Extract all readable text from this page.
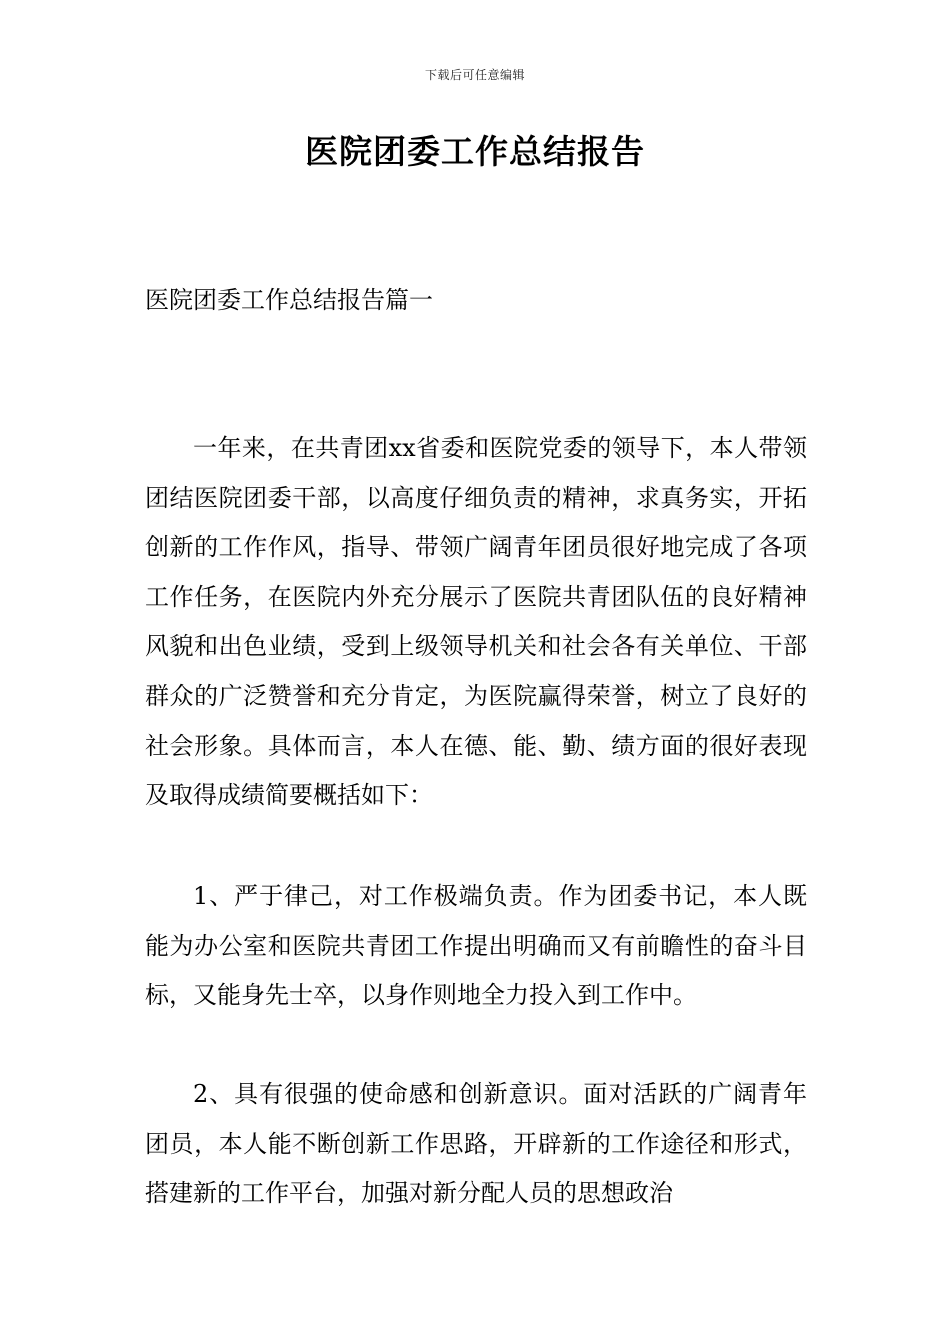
下载后可任意编辑
医院团委工作总结报告
医院团委工作总结报告篇一

一年来，在共青团xx省委和医院党委的领导下，本人带领团结医院团委干部，以高度仔细负责的精神，求真务实，开拓创新的工作作风，指导、带领广阔青年团员很好地完成了各项工作任务，在医院内外充分展示了医院共青团队伍的良好精神风貌和出色业绩，受到上级领导机关和社会各有关单位、干部群众的广泛赞誉和充分肯定，为医院赢得荣誉，树立了良好的社会形象。具体而言，本人在德、能、勤、绩方面的很好表现及取得成绩简要概括如下：

1、严于律己，对工作极端负责。作为团委书记，本人既能为办公室和医院共青团工作提出明确而又有前瞻性的奋斗目标，又能身先士卒，以身作则地全力投入到工作中。

2、具有很强的使命感和创新意识。面对活跃的广阔青年团员，本人能不断创新工作思路，开辟新的工作途径和形式，搭建新的工作平台，加强对新分配人员的思想政治
